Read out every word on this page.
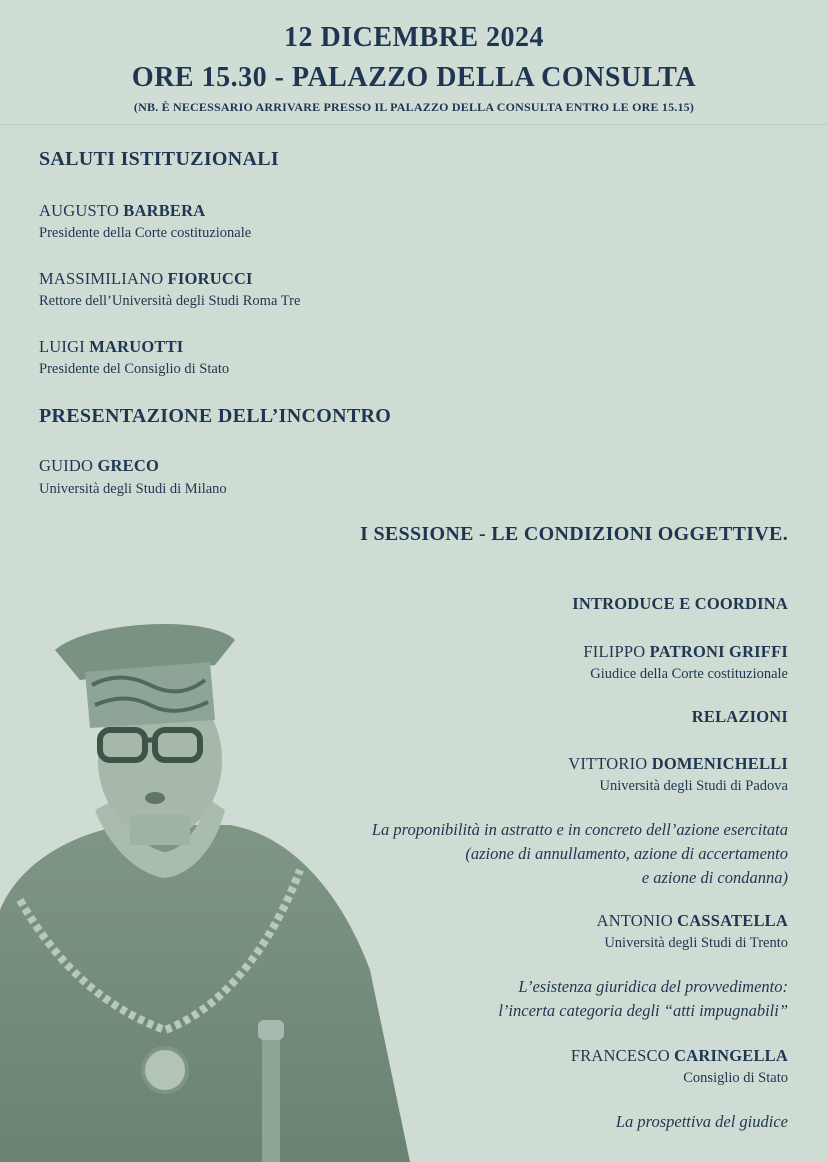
12 DICEMBRE 2024
ORE 15.30 - PALAZZO DELLA CONSULTA
(NB. È NECESSARIO ARRIVARE PRESSO IL PALAZZO DELLA CONSULTA ENTRO LE ORE 15.15)
SALUTI ISTITUZIONALI
AUGUSTO BARBERA
Presidente della Corte costituzionale
MASSIMILIANO FIORUCCI
Rettore dell’Università degli Studi Roma Tre
LUIGI MARUOTTI
Presidente del Consiglio di Stato
PRESENTAZIONE DELL’INCONTRO
GUIDO GRECO
Università degli Studi di Milano
I SESSIONE - LE CONDIZIONI OGGETTIVE.
INTRODUCE E COORDINA
FILIPPO PATRONI GRIFFI
Giudice della Corte costituzionale
RELAZIONI
VITTORIO DOMENICHELLI
Università degli Studi di Padova
La proponibilità in astratto e in concreto dell’azione esercitata
(azione di annullamento, azione di accertamento
e azione di condanna)
ANTONIO CASSATELLA
Università degli Studi di Trento
L’esistenza giuridica del provvedimento:
l’incerta categoria degli “atti impugnabili”
FRANCESCO CARINGELLA
Consiglio di Stato
La prospettiva del giudice
